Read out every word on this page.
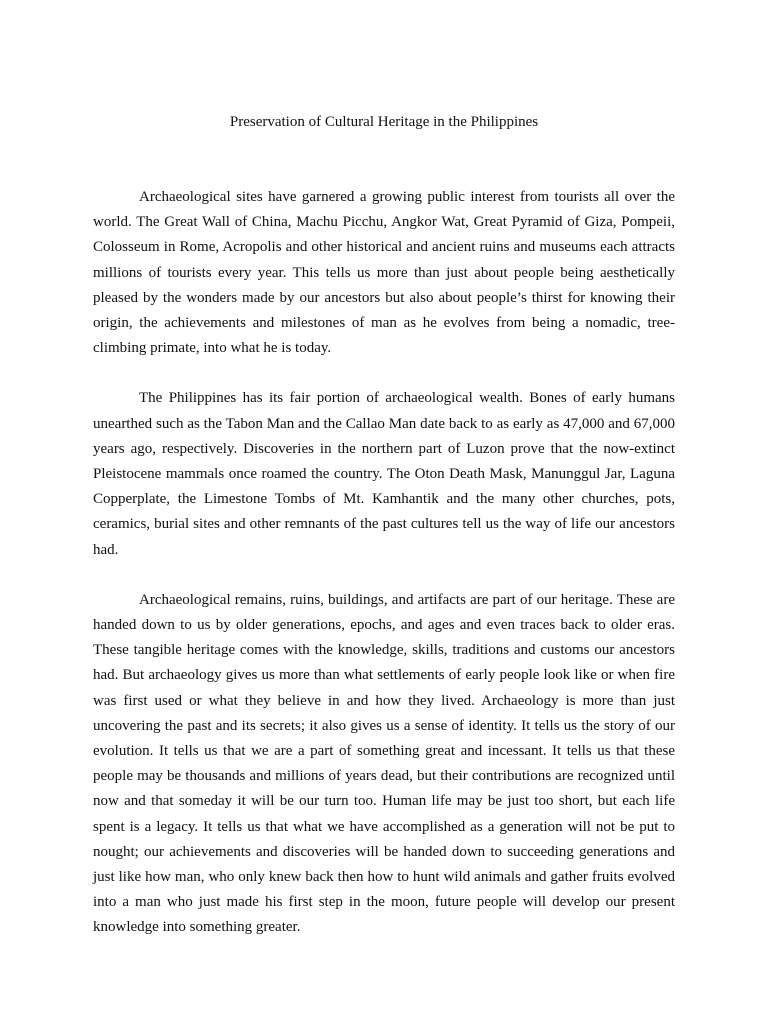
Preservation of Cultural Heritage in the Philippines

Archaeological sites have garnered a growing public interest from tourists all over the world. The Great Wall of China, Machu Picchu, Angkor Wat, Great Pyramid of Giza, Pompeii, Colosseum in Rome, Acropolis and other historical and ancient ruins and museums each attracts millions of tourists every year. This tells us more than just about people being aesthetically pleased by the wonders made by our ancestors but also about people’s thirst for knowing their origin, the achievements and milestones of man as he evolves from being a nomadic, tree-climbing primate, into what he is today.

The Philippines has its fair portion of archaeological wealth. Bones of early humans unearthed such as the Tabon Man and the Callao Man date back to as early as 47,000 and 67,000 years ago, respectively. Discoveries in the northern part of Luzon prove that the now-extinct Pleistocene mammals once roamed the country. The Oton Death Mask, Manunggul Jar, Laguna Copperplate, the Limestone Tombs of Mt. Kamhantik and the many other churches, pots, ceramics, burial sites and other remnants of the past cultures tell us the way of life our ancestors had.

Archaeological remains, ruins, buildings, and artifacts are part of our heritage. These are handed down to us by older generations, epochs, and ages and even traces back to older eras. These tangible heritage comes with the knowledge, skills, traditions and customs our ancestors had. But archaeology gives us more than what settlements of early people look like or when fire was first used or what they believe in and how they lived. Archaeology is more than just uncovering the past and its secrets; it also gives us a sense of identity. It tells us the story of our evolution. It tells us that we are a part of something great and incessant. It tells us that these people may be thousands and millions of years dead, but their contributions are recognized until now and that someday it will be our turn too. Human life may be just too short, but each life spent is a legacy. It tells us that what we have accomplished as a generation will not be put to nought; our achievements and discoveries will be handed down to succeeding generations and just like how man, who only knew back then how to hunt wild animals and gather fruits evolved into a man who just made his first step in the moon, future people will develop our present knowledge into something greater.
